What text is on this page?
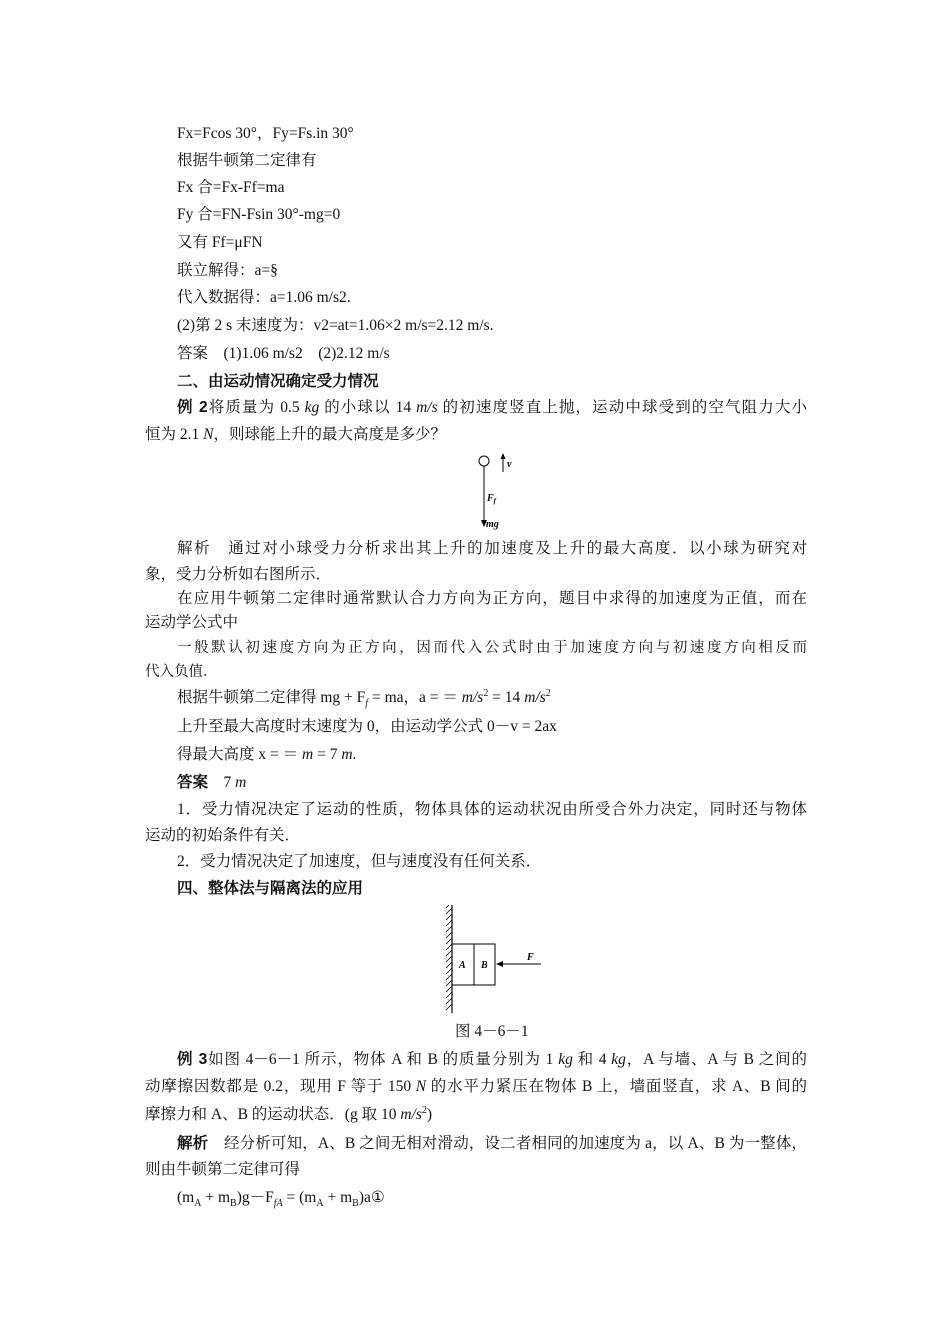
Fx=Fcos 30°，Fy=Fs.in 30°
根据牛顿第二定律有
Fx 合=Fx-Ff=ma
Fy 合=FN-Fsin 30°-mg=0
又有 Ff=μFN
联立解得：a=§
代入数据得：a=1.06 m/s2.
(2)第 2 s 末速度为：v2=at=1.06×2 m/s=2.12 m/s.
答案　(1)1.06 m/s2　(2)2.12 m/s
二、由运动情况确定受力情况
例 2将质量为 0.5 kg 的小球以 14 m/s 的初速度竖直上抛，运动中球受到的空气阻力大小
恒为 2.1 N，则球能上升的最大高度是多少？
v
$F_f$
mg
解析　通过对小球受力分析求出其上升的加速度及上升的最大高度．以小球为研究对
象，受力分析如右图所示．
在应用牛顿第二定律时通常默认合力方向为正方向，题目中求得的加速度为正值，而在
运动学公式中
一般默认初速度方向为正方向，因而代入公式时由于加速度方向与初速度方向相反而
代入负值．
根据牛顿第二定律得 mg + $F_f$ = ma，a = ＝ $m/s^2 = 14$ $m/s^2$
上升至最大高度时末速度为 0，由运动学公式 0－v = 2ax
得最大高度 x = ＝ m = 7 m.
答案　7 m
1．受力情况决定了运动的性质，物体具体的运动状况由所受合外力决定，同时还与物体
运动的初始条件有关．
2．受力情况决定了加速度，但与速度没有任何关系．
四、整体法与隔离法的应用
A B
F
图 4－6－1
例 3如图 4－6－1 所示，物体 A 和 B 的质量分别为 1 kg 和 4 kg，A 与墙、A 与 B 之间的
动摩擦因数都是 0.2，现用 F 等于 150 N 的水平力紧压在物体 B 上，墙面竖直，求 A、B 间的
摩擦力和 A、B 的运动状态．(g 取 10 $m/s^2$)
解析　经分析可知，A、B 之间无相对滑动，设二者相同的加速度为 a，以 A、B 为一整体，
则由牛顿第二定律可得
$(m_A + m_B)g-F_{fA} = (m_A$ + $m_B)a①$
